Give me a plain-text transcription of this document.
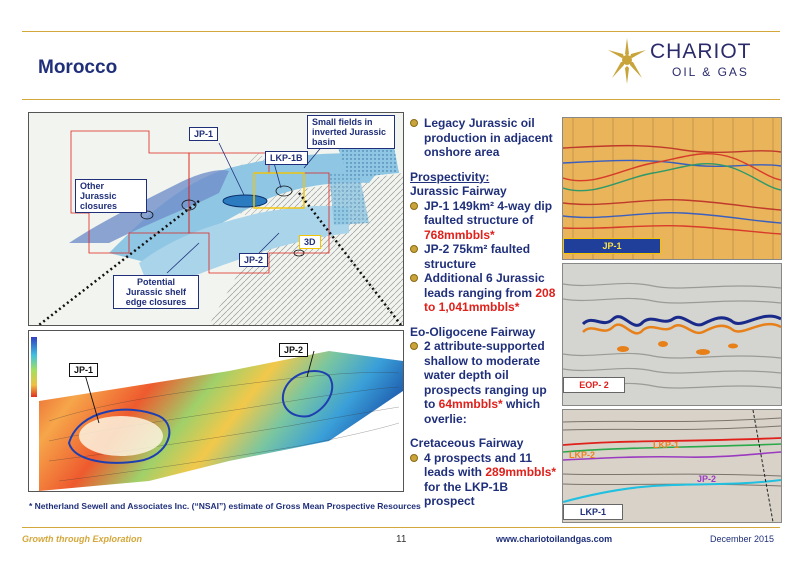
Morocco
CHARIOT
OIL & GAS
JP-1
LKP-1B
Small fields in inverted Jurassic basin
Other Jurassic closures
3D
JP-2
Potential Jurassic shelf edge closures
JP-1
JP-2
Legacy Jurassic oil production in adjacent onshore area
Prospectivity:
Jurassic Fairway
JP-1 149km² 4-way dip faulted structure of 768mmbbls*
JP-2 75km² faulted structure
Additional 6 Jurassic leads ranging from 208 to 1,041mmbbls*
Eo-Oligocene Fairway
2 attribute-supported shallow to moderate water depth oil prospects ranging up to 64mmbbls* which overlie:
Cretaceous Fairway
4 prospects and 11 leads with 289mmbbls* for the LKP-1B prospect
JP-1
EOP- 2
LKP-2
LKP-1
JP-2
LKP-1
* Netherland Sewell and Associates Inc. (“NSAI”) estimate of Gross Mean Prospective Resources
Growth through Exploration	11	www.chariotoilandgas.com	December 2015
